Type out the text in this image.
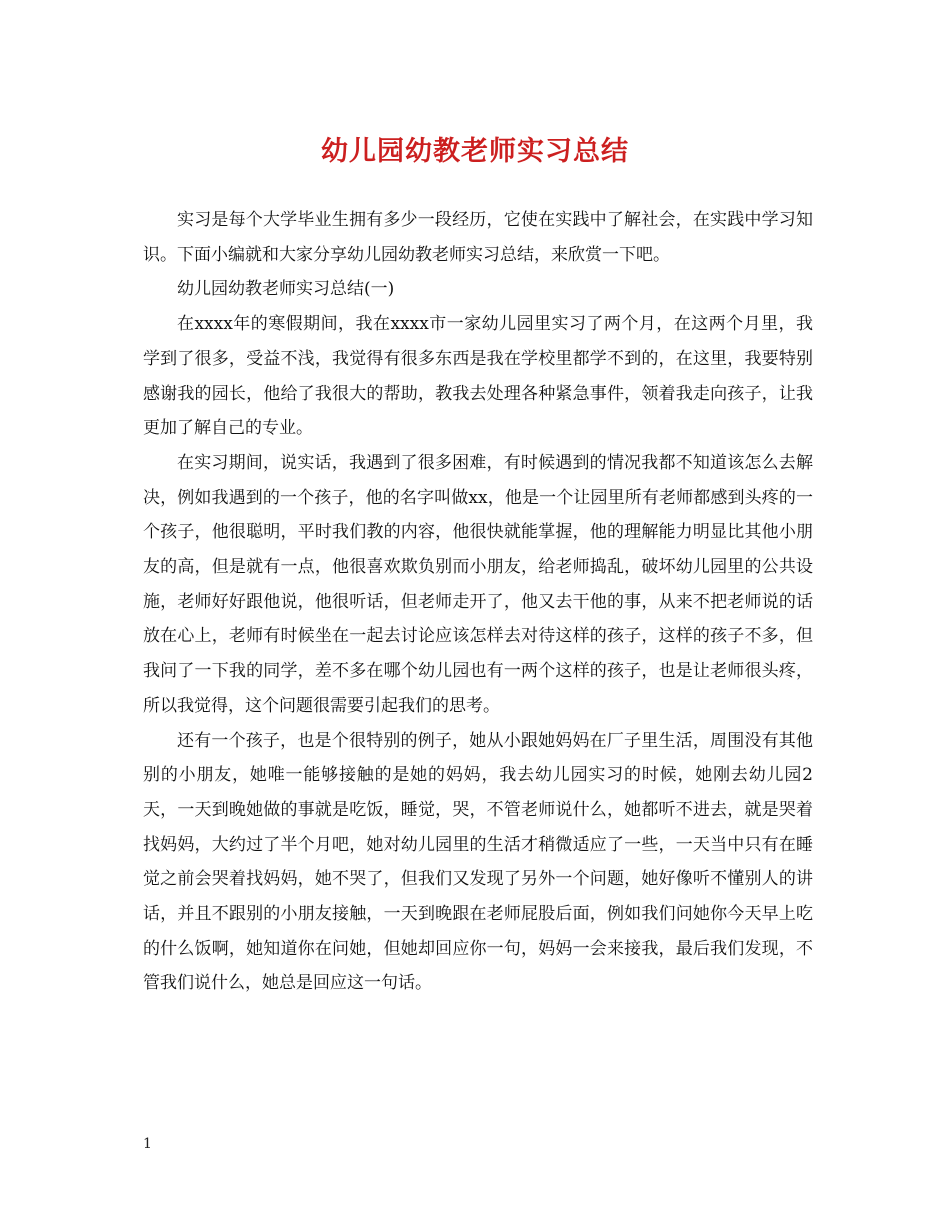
幼儿园幼教老师实习总结

实习是每个大学毕业生拥有多少一段经历，它使在实践中了解社会，在实践中学习知识。下面小编就和大家分享幼儿园幼教老师实习总结，来欣赏一下吧。

幼儿园幼教老师实习总结(一)

在xxxx年的寒假期间，我在xxxx市一家幼儿园里实习了两个月，在这两个月里，我学到了很多，受益不浅，我觉得有很多东西是我在学校里都学不到的，在这里，我要特别感谢我的园长，他给了我很大的帮助，教我去处理各种紧急事件，领着我走向孩子，让我更加了解自己的专业。

在实习期间，说实话，我遇到了很多困难，有时候遇到的情况我都不知道该怎么去解决，例如我遇到的一个孩子，他的名字叫做xx，他是一个让园里所有老师都感到头疼的一个孩子，他很聪明，平时我们教的内容，他很快就能掌握，他的理解能力明显比其他小朋友的高，但是就有一点，他很喜欢欺负别而小朋友，给老师捣乱，破坏幼儿园里的公共设施，老师好好跟他说，他很听话，但老师走开了，他又去干他的事，从来不把老师说的话放在心上，老师有时候坐在一起去讨论应该怎样去对待这样的孩子，这样的孩子不多，但我问了一下我的同学，差不多在哪个幼儿园也有一两个这样的孩子，也是让老师很头疼，所以我觉得，这个问题很需要引起我们的思考。

还有一个孩子，也是个很特别的例子，她从小跟她妈妈在厂子里生活，周围没有其他别的小朋友，她唯一能够接触的是她的妈妈，我去幼儿园实习的时候，她刚去幼儿园2天，一天到晚她做的事就是吃饭，睡觉，哭，不管老师说什么，她都听不进去，就是哭着找妈妈，大约过了半个月吧，她对幼儿园里的生活才稍微适应了一些，一天当中只有在睡觉之前会哭着找妈妈，她不哭了，但我们又发现了另外一个问题，她好像听不懂别人的讲话，并且不跟别的小朋友接触，一天到晚跟在老师屁股后面，例如我们问她你今天早上吃的什么饭啊，她知道你在问她，但她却回应你一句，妈妈一会来接我，最后我们发现，不管我们说什么，她总是回应这一句话。

1
